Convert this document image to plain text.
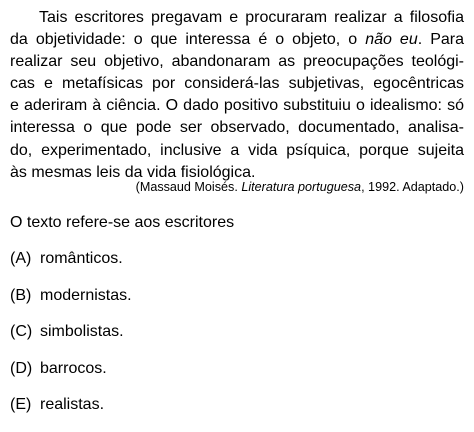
Tais escritores pregavam e procuraram realizar a filosofia
da objetividade: o que interessa é o objeto, o não eu. Para
realizar seu objetivo, abandonaram as preocupações teológi-
cas e metafísicas por considerá-las subjetivas, egocêntricas
e aderiram à ciência. O dado positivo substituiu o idealismo: só
interessa o que pode ser observado, documentado, analisa-
do, experimentado, inclusive a vida psíquica, porque sujeita
às mesmas leis da vida fisiológica.
(Massaud Moisés. Literatura portuguesa, 1992. Adaptado.)
O texto refere-se aos escritores
(A) românticos.
(B) modernistas.
(C) simbolistas.
(D) barrocos.
(E) realistas.
